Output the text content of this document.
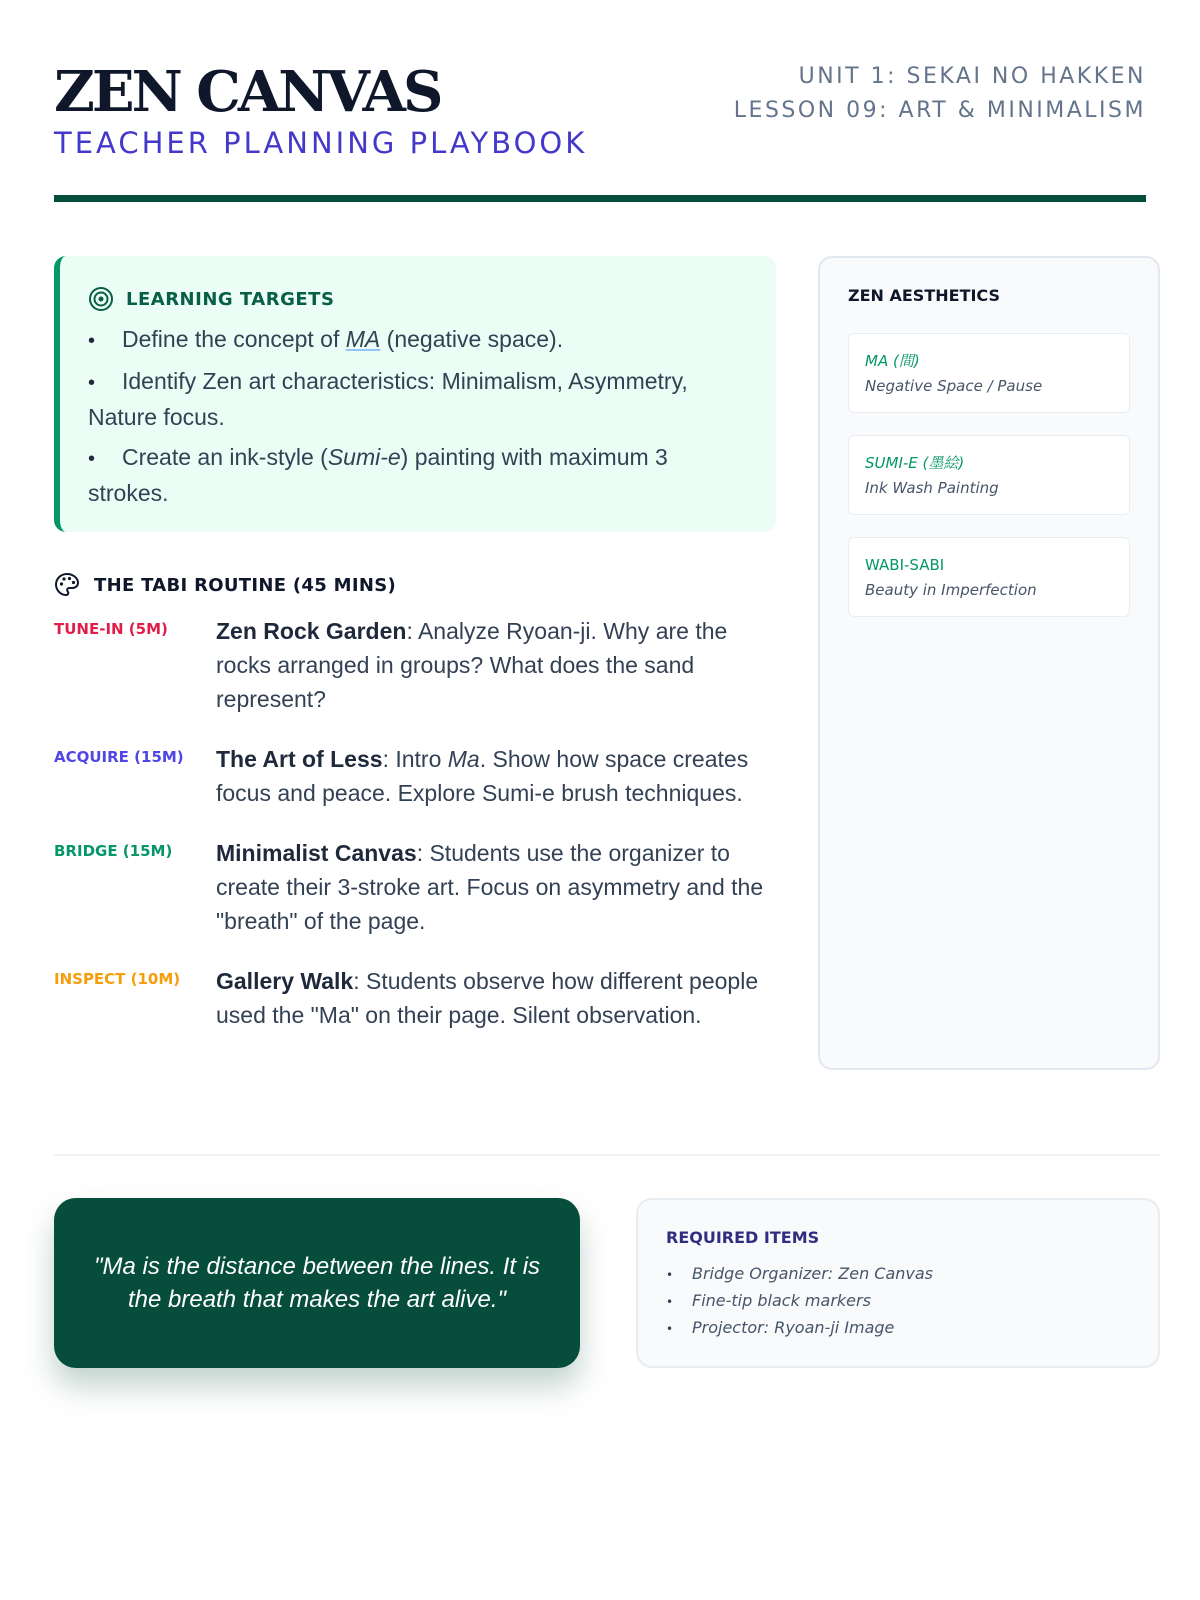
ZEN CANVAS
TEACHER PLANNING PLAYBOOK
UNIT 1: SEKAI NO HAKKEN
LESSON 09: ART & MINIMALISM
LEARNING TARGETS
• Define the concept of MA (negative space).
• Identify Zen art characteristics: Minimalism, Asymmetry, Nature focus.
• Create an ink-style (Sumi-e) painting with maximum 3 strokes.
THE TABI ROUTINE (45 MINS)
TUNE-IN (5M)	Zen Rock Garden: Analyze Ryoan-ji. Why are the rocks arranged in groups? What does the sand represent?
ACQUIRE (15M)	The Art of Less: Intro Ma. Show how space creates focus and peace. Explore Sumi-e brush techniques.
BRIDGE (15M)	Minimalist Canvas: Students use the organizer to create their 3-stroke art. Focus on asymmetry and the "breath" of the page.
INSPECT (10M)	Gallery Walk: Students observe how different people used the "Ma" on their page. Silent observation.
ZEN AESTHETICS
MA (間)
Negative Space / Pause
SUMI-E (墨絵)
Ink Wash Painting
WABI-SABI
Beauty in Imperfection
"Ma is the distance between the lines. It is the breath that makes the art alive."
REQUIRED ITEMS
• Bridge Organizer: Zen Canvas
• Fine-tip black markers
• Projector: Ryoan-ji Image
